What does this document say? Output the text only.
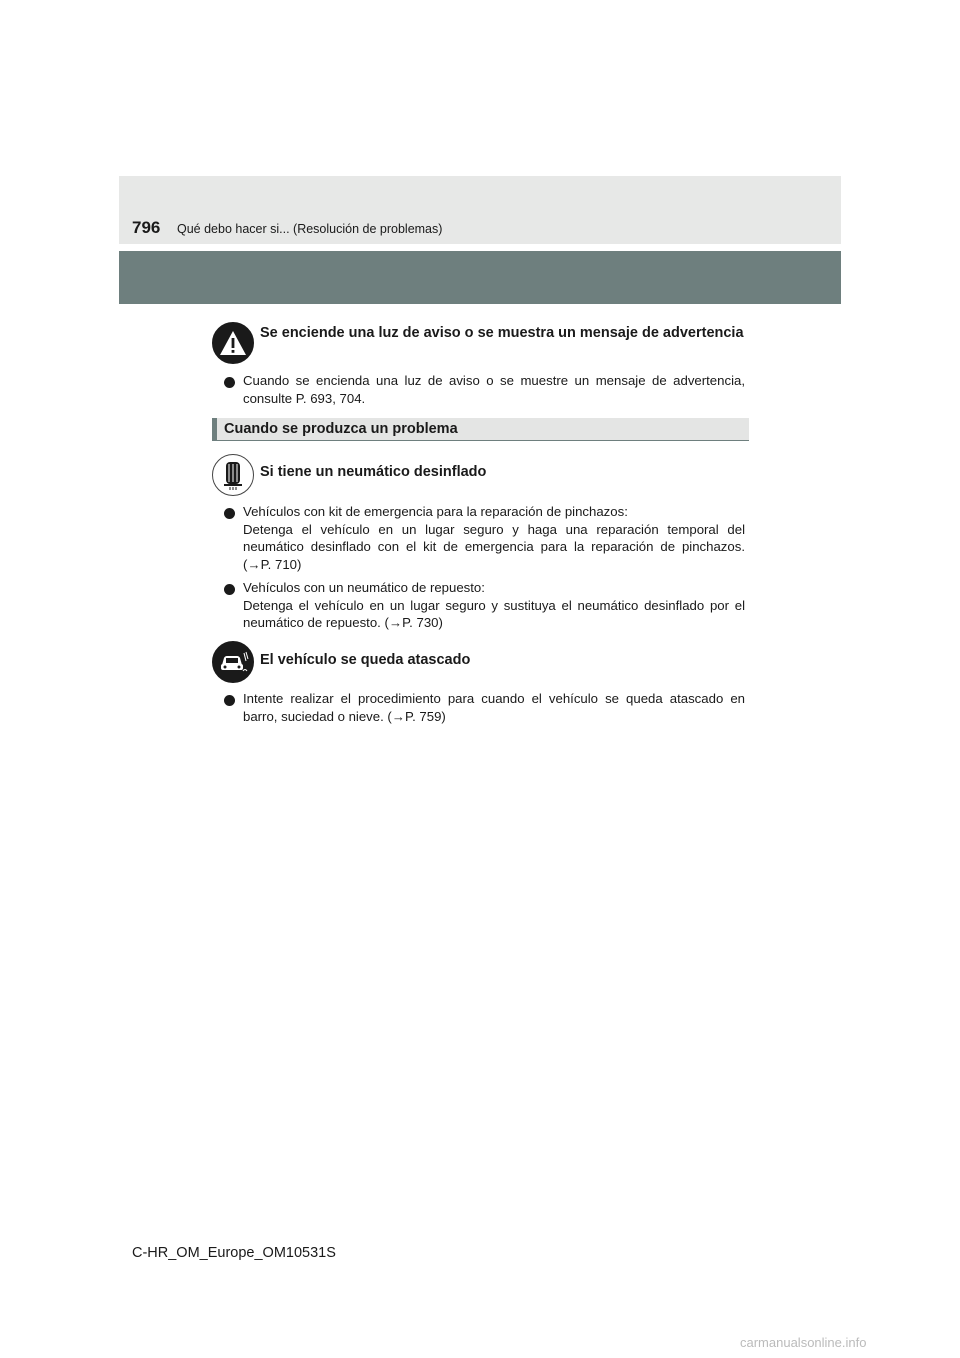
796 Qué debo hacer si... (Resolución de problemas)
Se enciende una luz de aviso o se muestra un mensaje de advertencia
Cuando se encienda una luz de aviso o se muestre un mensaje de advertencia,
consulte P. 693, 704.
Cuando se produzca un problema
Si tiene un neumático desinflado
Vehículos con kit de emergencia para la reparación de pinchazos:
Detenga el vehículo en un lugar seguro y haga una reparación temporal del
neumático desinflado con el kit de emergencia para la reparación de pinchazos.
(→P. 710)
Vehículos con un neumático de repuesto:
Detenga el vehículo en un lugar seguro y sustituya el neumático desinflado por el
neumático de repuesto. (→P. 730)
El vehículo se queda atascado
Intente realizar el procedimiento para cuando el vehículo se queda atascado en
barro, suciedad o nieve. (→P. 759)
C-HR_OM_Europe_OM10531S
carmanualsonline.info
